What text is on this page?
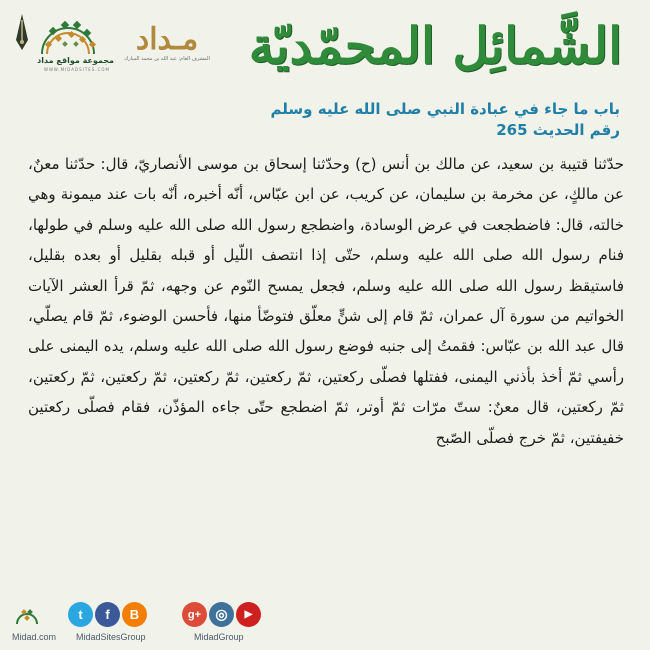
مجموعة مواقع مداد
WWW.MIDADSITES.COM
مـداد
المشرف العام: عبد الله بن محمد المبارك الشَّمائِل المحمّديّة
باب ما جاء في عبادة النبي صلى الله عليه وسلم
رقم الحديث 265
حدّثنا قتيبة بن سعيد، عن مالك بن أنس (ح) وحدّثنا إسحاق بن موسى الأنصاريّ، قال: حدّثنا معنٌ، عن مالكٍ، عن مخرمة بن سليمان، عن كريب، عن ابن عبّاس، أنّه أخبره، أنّه بات عند ميمونة وهي خالته، قال: فاضطجعت في عرض الوسادة، واضطجع رسول الله صلى الله عليه وسلم في طولها، فنام رسول الله صلى الله عليه وسلم، حتّى إذا انتصف اللّيل أو قبله بقليل أو بعده بقليل، فاستيقظ رسول الله صلى الله عليه وسلم، فجعل يمسح النّوم عن وجهه، ثمّ قرأ العشر الآيات الخواتيم من سورة آل عمران، ثمّ قام إلى شنٍّ معلّق فتوضّأ منها، فأحسن الوضوء، ثمّ قام يصلّي، قال عبد الله بن عبّاس: فقمتُ إلى جنبه فوضع رسول الله صلى الله عليه وسلم، يده اليمنى على رأسي ثمّ أخذ بأذني اليمنى، ففتلها فصلّى ركعتين، ثمّ ركعتين، ثمّ ركعتين، ثمّ ركعتين، ثمّ ركعتين، ثمّ ركعتين، قال معنٌ: ستّ مرّات ثمّ أوتر، ثمّ اضطجع حتّى جاءه المؤذّن، فقام فصلّى ركعتين خفيفتين، ثمّ خرج فصلّى الصّبح
Midad.com
t	f	B
MidadSitesGroup
g+	◎	▶
MidadGroup
